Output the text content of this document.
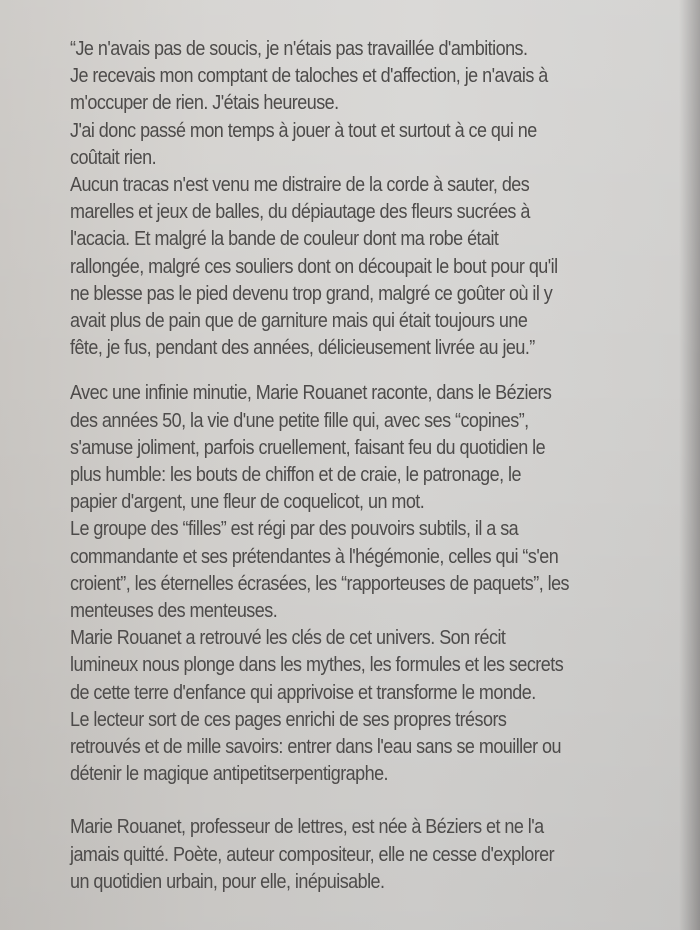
“Je n'avais pas de soucis, je n'étais pas travaillée d'ambitions.
Je recevais mon comptant de taloches et d'affection, je n'avais à
m'occuper de rien. J'étais heureuse.
J'ai donc passé mon temps à jouer à tout et surtout à ce qui ne
coûtait rien.
Aucun tracas n'est venu me distraire de la corde à sauter, des
marelles et jeux de balles, du dépiautage des fleurs sucrées à
l'acacia. Et malgré la bande de couleur dont ma robe était
rallongée, malgré ces souliers dont on découpait le bout pour qu'il
ne blesse pas le pied devenu trop grand, malgré ce goûter où il y
avait plus de pain que de garniture mais qui était toujours une
fête, je fus, pendant des années, délicieusement livrée au jeu.”

Avec une infinie minutie, Marie Rouanet raconte, dans le Béziers
des années 50, la vie d'une petite fille qui, avec ses “copines”,
s'amuse joliment, parfois cruellement, faisant feu du quotidien le
plus humble: les bouts de chiffon et de craie, le patronage, le
papier d'argent, une fleur de coquelicot, un mot.
Le groupe des “filles” est régi par des pouvoirs subtils, il a sa
commandante et ses prétendantes à l'hégémonie, celles qui “s'en
croient”, les éternelles écrasées, les “rapporteuses de paquets”, les
menteuses des menteuses.
Marie Rouanet a retrouvé les clés de cet univers. Son récit
lumineux nous plonge dans les mythes, les formules et les secrets
de cette terre d'enfance qui apprivoise et transforme le monde.
Le lecteur sort de ces pages enrichi de ses propres trésors
retrouvés et de mille savoirs: entrer dans l'eau sans se mouiller ou
détenir le magique antipetitserpentigraphe.

Marie Rouanet, professeur de lettres, est née à Béziers et ne l'a
jamais quitté. Poète, auteur compositeur, elle ne cesse d'explorer
un quotidien urbain, pour elle, inépuisable.
